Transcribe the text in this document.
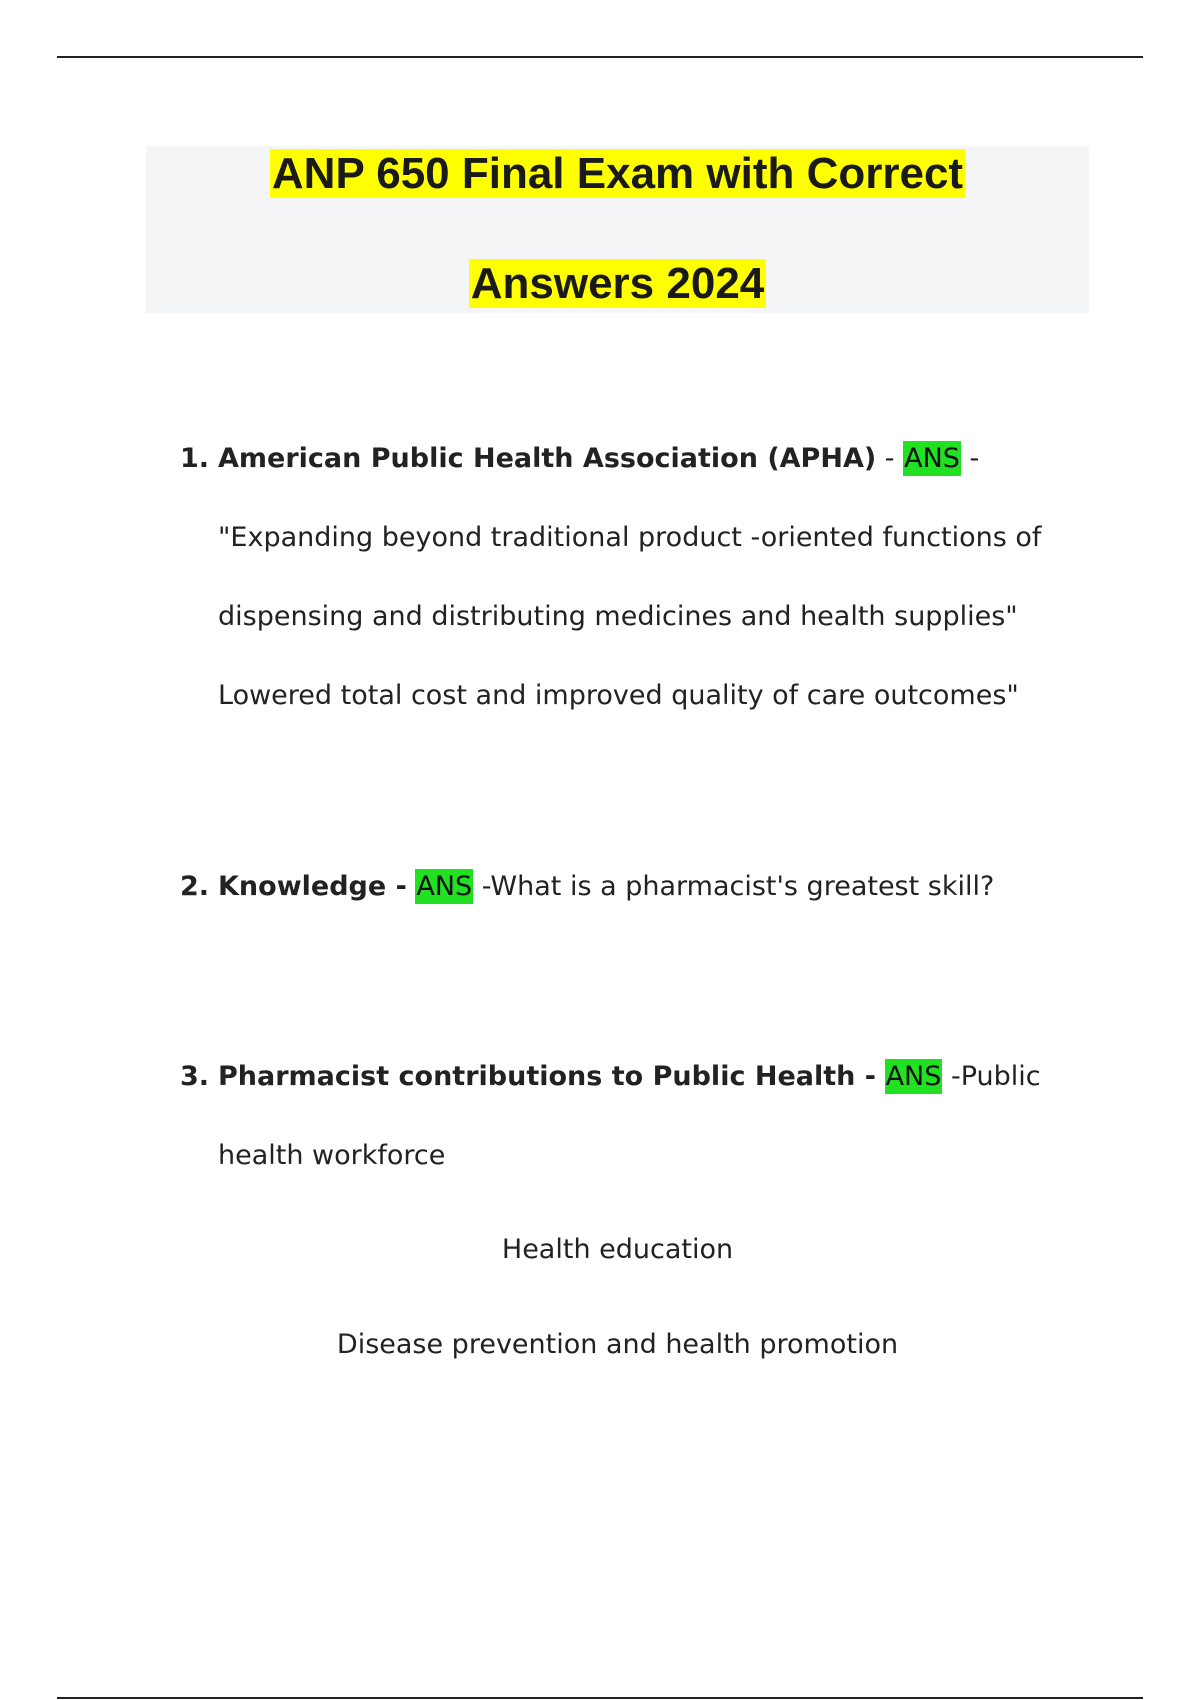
ANP 650 Final Exam with Correct
Answers 2024
1. American Public Health Association (APHA) - ANS -"Expanding beyond traditional product -oriented functions of dispensing and distributing medicines and health supplies" Lowered total cost and improved quality of care outcomes"
2. Knowledge - ANS -What is a pharmacist's greatest skill?
3. Pharmacist contributions to Public Health - ANS -Public health workforce
Health education
Disease prevention and health promotion
